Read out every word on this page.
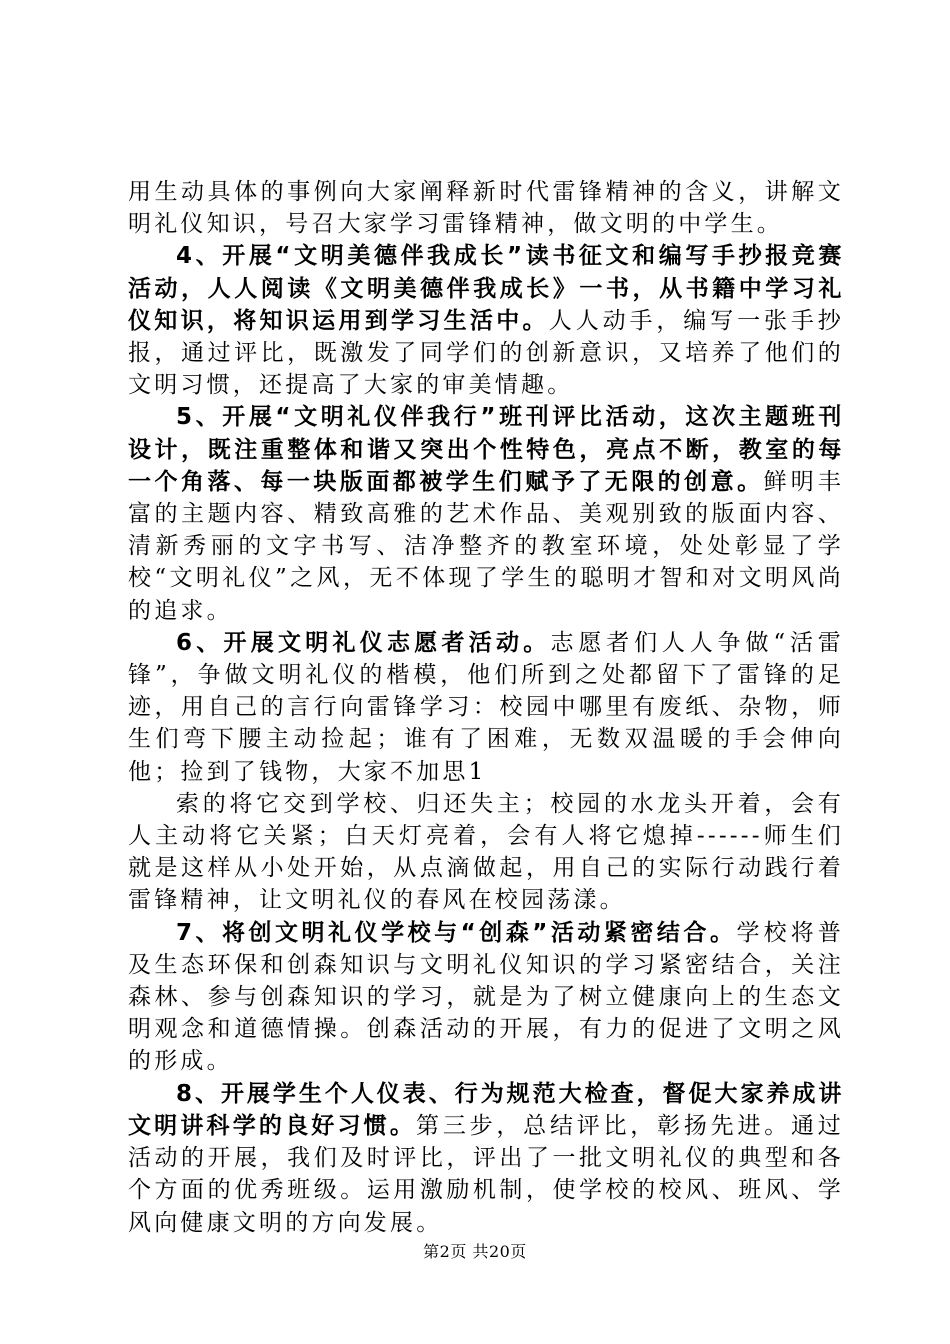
用生动具体的事例向大家阐释新时代雷锋精神的含义，讲解文明礼仪知识，号召大家学习雷锋精神，做文明的中学生。

4、开展“文明美德伴我成长”读书征文和编写手抄报竞赛活动，人人阅读《文明美德伴我成长》一书，从书籍中学习礼仪知识，将知识运用到学习生活中。人人动手，编写一张手抄报，通过评比，既激发了同学们的创新意识，又培养了他们的文明习惯，还提高了大家的审美情趣。

5、开展“文明礼仪伴我行”班刊评比活动，这次主题班刊设计，既注重整体和谐又突出个性特色，亮点不断，教室的每一个角落、每一块版面都被学生们赋予了无限的创意。鲜明丰富的主题内容、精致高雅的艺术作品、美观别致的版面内容、清新秀丽的文字书写、洁净整齐的教室环境，处处彰显了学校“文明礼仪”之风，无不体现了学生的聪明才智和对文明风尚的追求。

6、开展文明礼仪志愿者活动。志愿者们人人争做“活雷锋”，争做文明礼仪的楷模，他们所到之处都留下了雷锋的足迹，用自己的言行向雷锋学习：校园中哪里有废纸、杂物，师生们弯下腰主动捡起；谁有了困难，无数双温暖的手会伸向他；捡到了钱物，大家不加思1

索的将它交到学校、归还失主；校园的水龙头开着，会有人主动将它关紧；白天灯亮着，会有人将它熄掉------师生们就是这样从小处开始，从点滴做起，用自己的实际行动践行着雷锋精神，让文明礼仪的春风在校园荡漾。

7、将创文明礼仪学校与“创森”活动紧密结合。学校将普及生态环保和创森知识与文明礼仪知识的学习紧密结合，关注森林、参与创森知识的学习，就是为了树立健康向上的生态文明观念和道德情操。创森活动的开展，有力的促进了文明之风的形成。

8、开展学生个人仪表、行为规范大检查，督促大家养成讲文明讲科学的良好习惯。第三步，总结评比，彰扬先进。通过活动的开展，我们及时评比，评出了一批文明礼仪的典型和各个方面的优秀班级。运用激励机制，使学校的校风、班风、学风向健康文明的方向发展。

第2页 共20页
